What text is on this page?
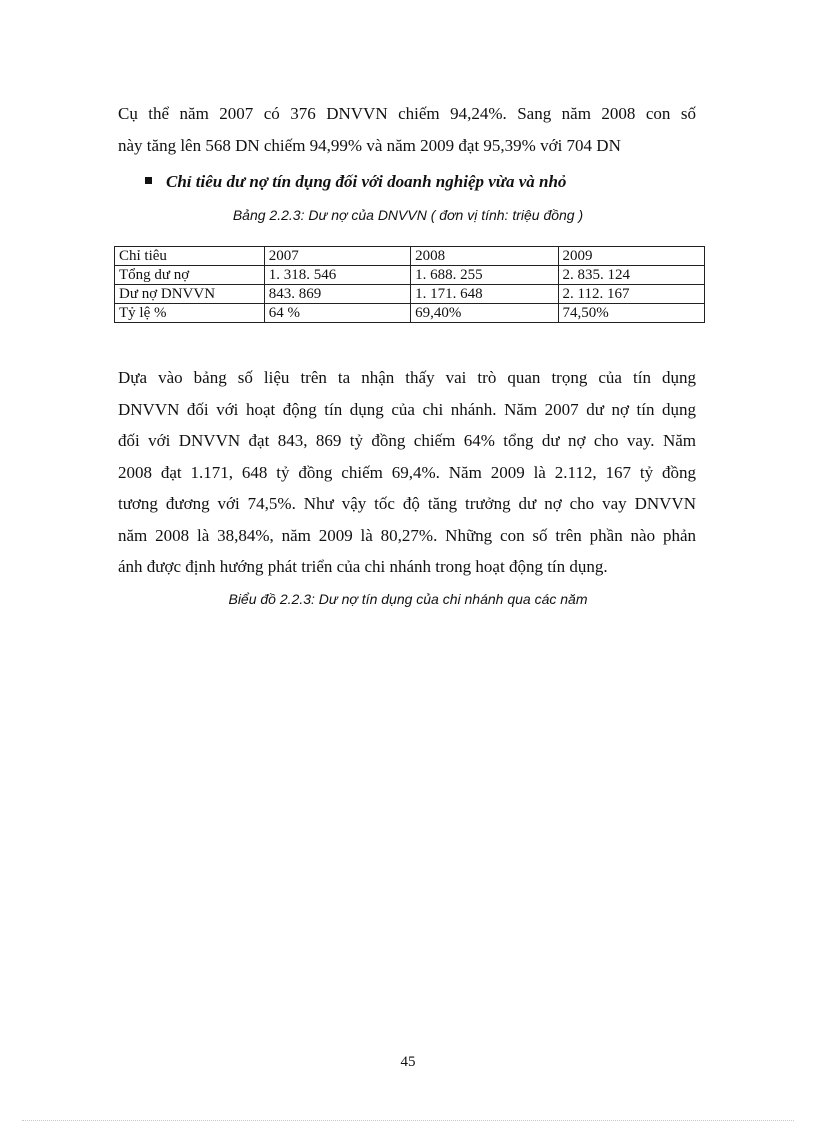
Cụ thể năm 2007 có 376 DNVVN chiếm 94,24%. Sang năm 2008 con số
này tăng lên 568 DN chiếm 94,99% và năm 2009 đạt 95,39% với 704 DN

Chỉ tiêu dư nợ tín dụng đối với doanh nghiệp vừa và nhỏ

Bảng 2.2.3: Dư nợ của DNVVN ( đơn vị tính: triệu đồng )

Chỉ tiêu	2007	2008	2009
Tổng dư nợ	1. 318. 546	1. 688. 255	2. 835. 124
Dư nợ DNVVN	843. 869	1. 171. 648	2. 112. 167
Tỷ lệ %	64 %	69,40%	74,50%

Dựa vào bảng số liệu trên ta nhận thấy vai trò quan trọng của tín dụng
DNVVN đối với hoạt động tín dụng của chi nhánh. Năm 2007 dư nợ tín dụng
đối với DNVVN đạt 843, 869 tỷ đồng chiếm 64% tổng dư nợ cho vay. Năm
2008 đạt 1.171, 648 tỷ đồng chiếm 69,4%. Năm 2009 là 2.112, 167 tỷ đồng
tương đương với 74,5%. Như vậy tốc độ tăng trưởng dư nợ cho vay DNVVN
năm 2008 là 38,84%, năm 2009 là 80,27%. Những con số trên phần nào phản
ánh được định hướng phát triển của chi nhánh trong hoạt động tín dụng.

Biểu đồ 2.2.3: Dư nợ tín dụng của chi nhánh qua các năm

45
